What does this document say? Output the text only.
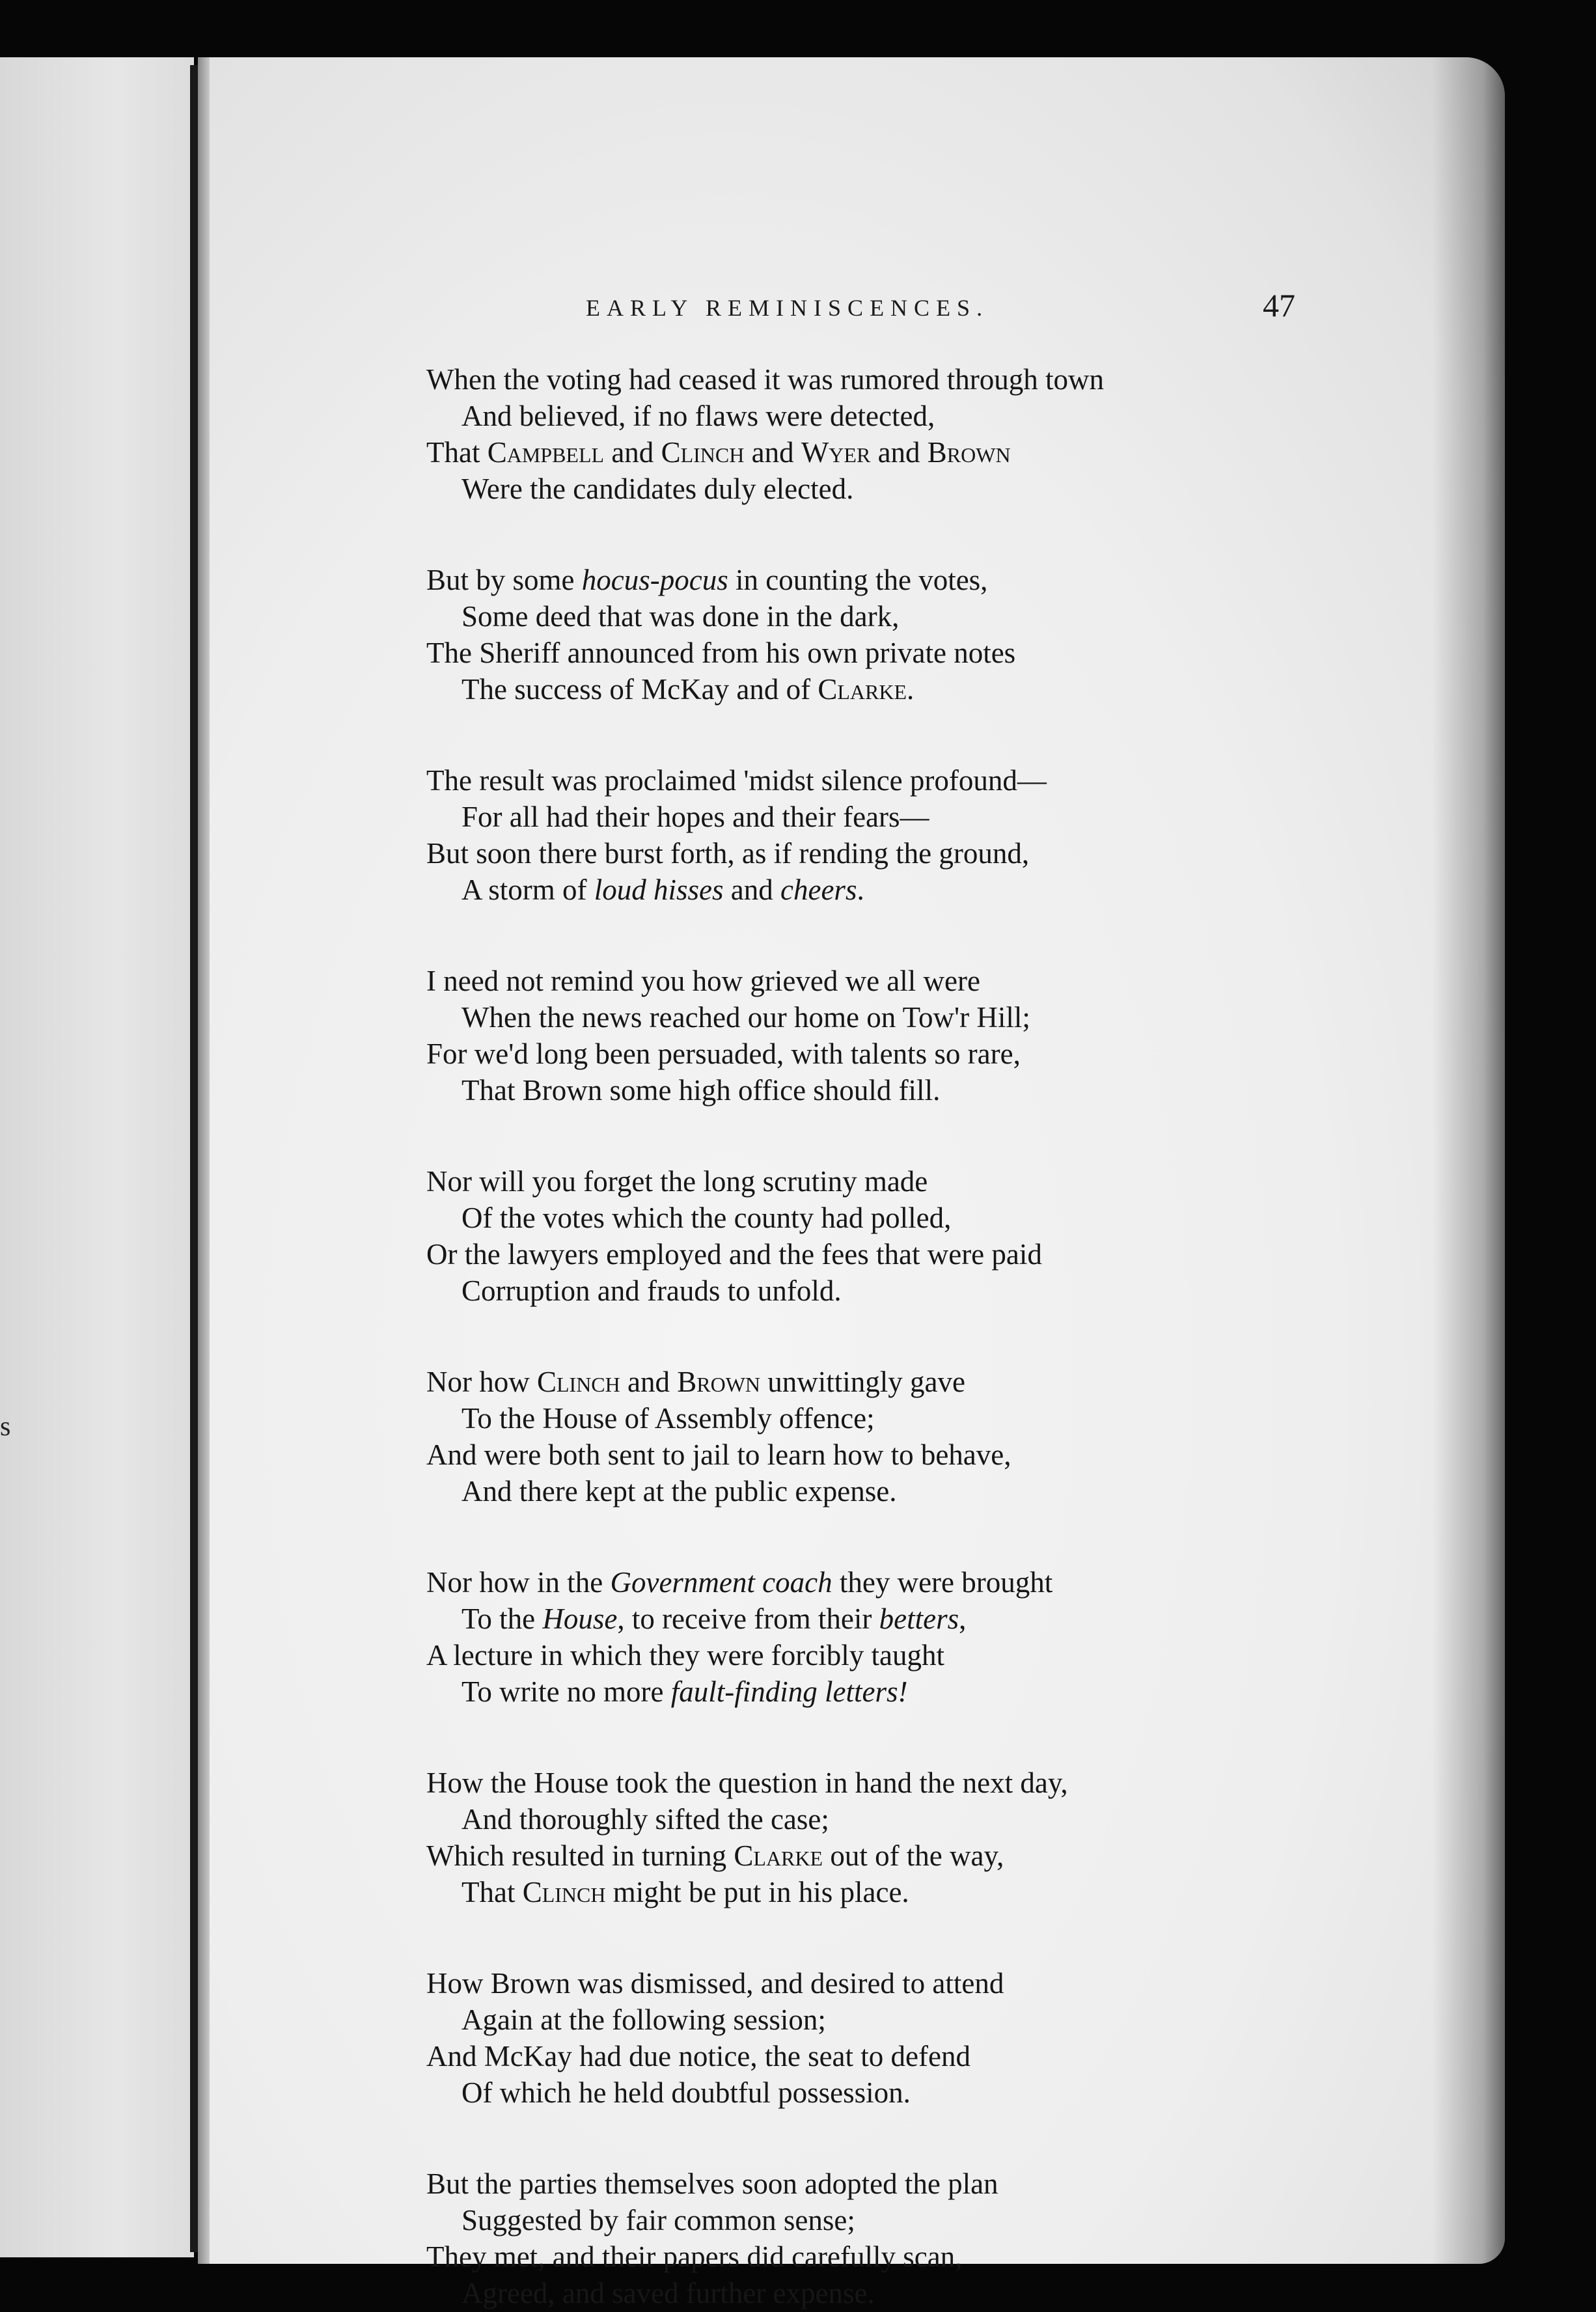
s
EARLY REMINISCENCES.	47
When the voting had ceased it was rumored through town
And believed, if no flaws were detected,
That Campbell and Clinch and Wyer and Brown
Were the candidates duly elected.
But by some hocus-pocus in counting the votes,
Some deed that was done in the dark,
The Sheriff announced from his own private notes
The success of McKay and of Clarke.
The result was proclaimed 'midst silence profound—
For all had their hopes and their fears—
But soon there burst forth, as if rending the ground,
A storm of loud hisses and cheers.
I need not remind you how grieved we all were
When the news reached our home on Tow'r Hill;
For we'd long been persuaded, with talents so rare,
That Brown some high office should fill.
Nor will you forget the long scrutiny made
Of the votes which the county had polled,
Or the lawyers employed and the fees that were paid
Corruption and frauds to unfold.
Nor how Clinch and Brown unwittingly gave
To the House of Assembly offence;
And were both sent to jail to learn how to behave,
And there kept at the public expense.
Nor how in the Government coach they were brought
To the House, to receive from their betters,
A lecture in which they were forcibly taught
To write no more fault-finding letters!
How the House took the question in hand the next day,
And thoroughly sifted the case;
Which resulted in turning Clarke out of the way,
That Clinch might be put in his place.
How Brown was dismissed, and desired to attend
Again at the following session;
And McKay had due notice, the seat to defend
Of which he held doubtful possession.
But the parties themselves soon adopted the plan
Suggested by fair common sense;
They met, and their papers did carefully scan,
Agreed, and saved further expense.
